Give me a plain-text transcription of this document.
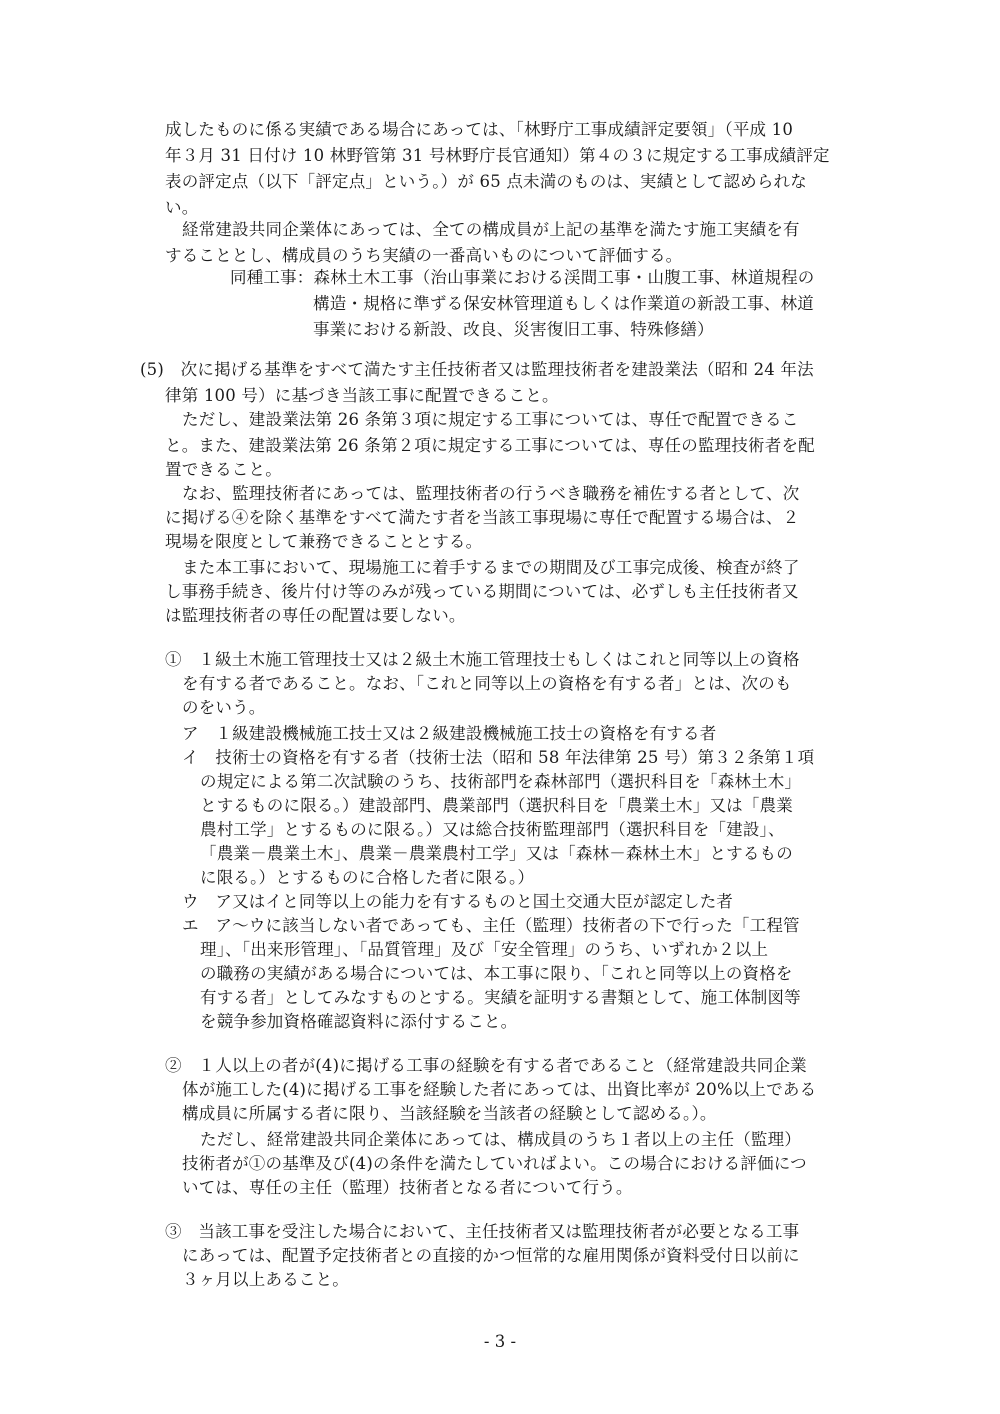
成したものに係る実績である場合にあっては、「林野庁工事成績評定要領」（平成 10
年３月 31 日付け 10 林野管第 31 号林野庁長官通知）第４の３に規定する工事成績評定
表の評定点（以下「評定点」という。）が 65 点未満のものは、実績として認められな
い。
経常建設共同企業体にあっては、全ての構成員が上記の基準を満たす施工実績を有
することとし、構成員のうち実績の一番高いものについて評価する。
同種工事：森林土木工事（治山事業における渓間工事・山腹工事、林道規程の
構造・規格に準ずる保安林管理道もしくは作業道の新設工事、林道
事業における新設、改良、災害復旧工事、特殊修繕）
(5)　次に掲げる基準をすべて満たす主任技術者又は監理技術者を建設業法（昭和 24 年法
律第 100 号）に基づき当該工事に配置できること。
ただし、建設業法第 26 条第３項に規定する工事については、専任で配置できるこ
と。また、建設業法第 26 条第２項に規定する工事については、専任の監理技術者を配
置できること。
なお、監理技術者にあっては、監理技術者の行うべき職務を補佐する者として、次
に掲げる④を除く基準をすべて満たす者を当該工事現場に専任で配置する場合は、２
現場を限度として兼務できることとする。
また本工事において、現場施工に着手するまでの期間及び工事完成後、検査が終了
し事務手続き、後片付け等のみが残っている期間については、必ずしも主任技術者又
は監理技術者の専任の配置は要しない。
①　１級土木施工管理技士又は２級土木施工管理技士もしくはこれと同等以上の資格
を有する者であること。なお、「これと同等以上の資格を有する者」とは、次のも
のをいう。
ア　１級建設機械施工技士又は２級建設機械施工技士の資格を有する者
イ　技術士の資格を有する者（技術士法（昭和 58 年法律第 25 号）第３２条第１項
の規定による第二次試験のうち、技術部門を森林部門（選択科目を「森林土木」
とするものに限る。）建設部門、農業部門（選択科目を「農業土木」又は「農業
農村工学」とするものに限る。）又は総合技術監理部門（選択科目を「建設」、
「農業－農業土木」、農業－農業農村工学」又は「森林－森林土木」とするもの
に限る。）とするものに合格した者に限る。）
ウ　ア又はイと同等以上の能力を有するものと国土交通大臣が認定した者
エ　ア～ウに該当しない者であっても、主任（監理）技術者の下で行った「工程管
理」、「出来形管理」、「品質管理」及び「安全管理」のうち、いずれか２以上
の職務の実績がある場合については、本工事に限り、「これと同等以上の資格を
有する者」としてみなすものとする。実績を証明する書類として、施工体制図等
を競争参加資格確認資料に添付すること。
②　１人以上の者が(4)に掲げる工事の経験を有する者であること（経常建設共同企業
体が施工した(4)に掲げる工事を経験した者にあっては、出資比率が 20%以上である
構成員に所属する者に限り、当該経験を当該者の経験として認める。）。
ただし、経常建設共同企業体にあっては、構成員のうち１者以上の主任（監理）
技術者が①の基準及び(4)の条件を満たしていればよい。この場合における評価につ
いては、専任の主任（監理）技術者となる者について行う。
③　当該工事を受注した場合において、主任技術者又は監理技術者が必要となる工事
にあっては、配置予定技術者との直接的かつ恒常的な雇用関係が資料受付日以前に
３ヶ月以上あること。
- 3 -
